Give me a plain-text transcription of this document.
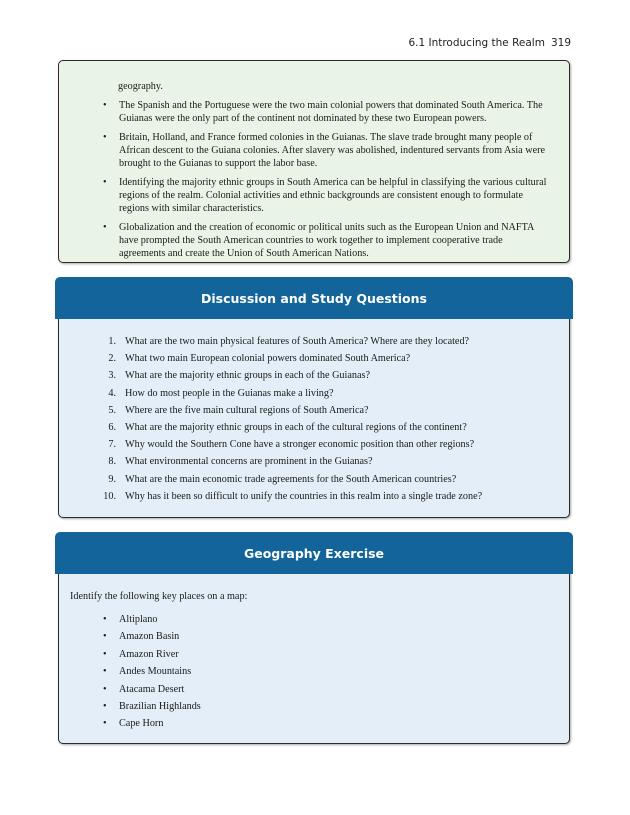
6.1 Introducing the Realm 319

geography.

• The Spanish and the Portuguese were the two main colonial powers that dominated South America. The Guianas were the only part of the continent not dominated by these two European powers.
• Britain, Holland, and France formed colonies in the Guianas. The slave trade brought many people of African descent to the Guiana colonies. After slavery was abolished, indentured servants from Asia were brought to the Guianas to support the labor base.
• Identifying the majority ethnic groups in South America can be helpful in classifying the various cultural regions of the realm. Colonial activities and ethnic backgrounds are consistent enough to formulate regions with similar characteristics.
• Globalization and the creation of economic or political units such as the European Union and NAFTA have prompted the South American countries to work together to implement cooperative trade agreements and create the Union of South American Nations.
1. What are the two main physical features of South America? Where are they located?
2. What two main European colonial powers dominated South America?
3. What are the majority ethnic groups in each of the Guianas?
4. How do most people in the Guianas make a living?
5. Where are the five main cultural regions of South America?
6. What are the majority ethnic groups in each of the cultural regions of the continent?
7. Why would the Southern Cone have a stronger economic position than other regions?
8. What environmental concerns are prominent in the Guianas?
9. What are the main economic trade agreements for the South American countries?
10. Why has it been so difficult to unify the countries in this realm into a single trade zone?
Discussion and Study Questions

Identify the following key places on a map:

• Altiplano
• Amazon Basin
• Amazon River
• Andes Mountains
• Atacama Desert
• Brazilian Highlands
• Cape Horn
Geography Exercise
